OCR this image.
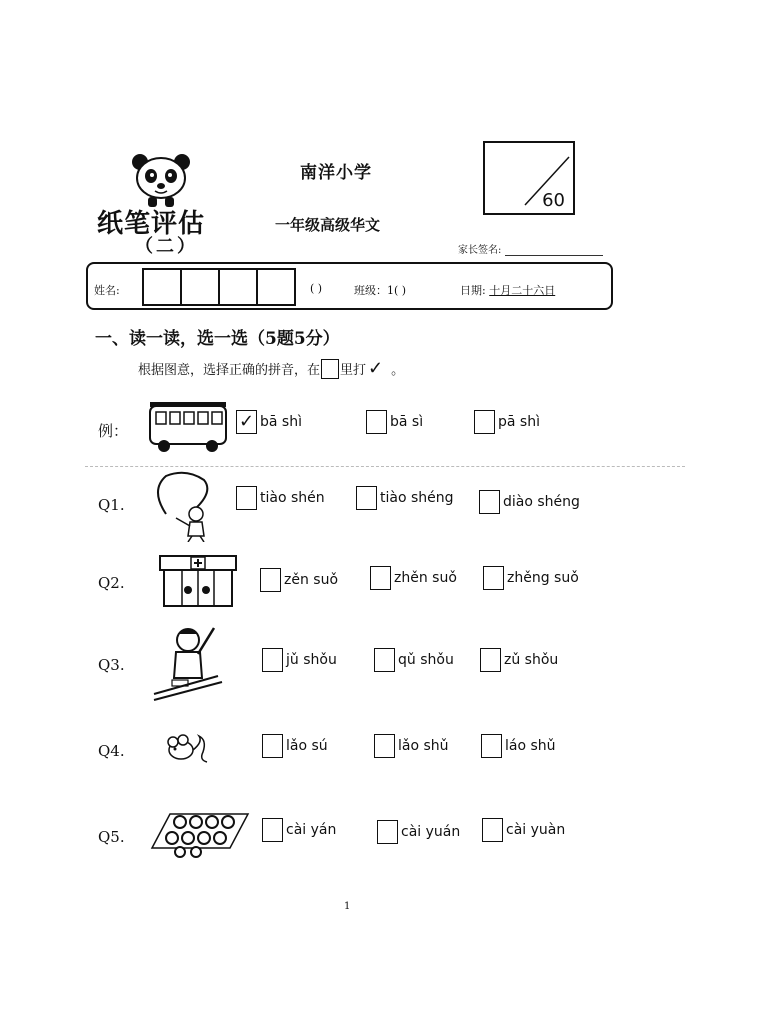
南洋小学
纸笔评估
（二）
一年级高级华文
60
家长签名:
姓名:	( )	班级：1( )	日期: 十月二十六日
一、读一读，选一选（5题5分）
根据图意，选择正确的拼音，在 里打 ✓ 。
例：	✓ bā shì	bā sì	pā shì
Q1.	tiào shén	tiào shéng	diào shéng
Q2.	zěn suǒ	zhěn suǒ	zhěng suǒ
Q3.	jǔ shǒu	qǔ shǒu	zǔ shǒu
Q4.	lǎo sú	lǎo shǔ	láo shǔ
Q5.	cài yán	cài yuán	cài yuàn
1
